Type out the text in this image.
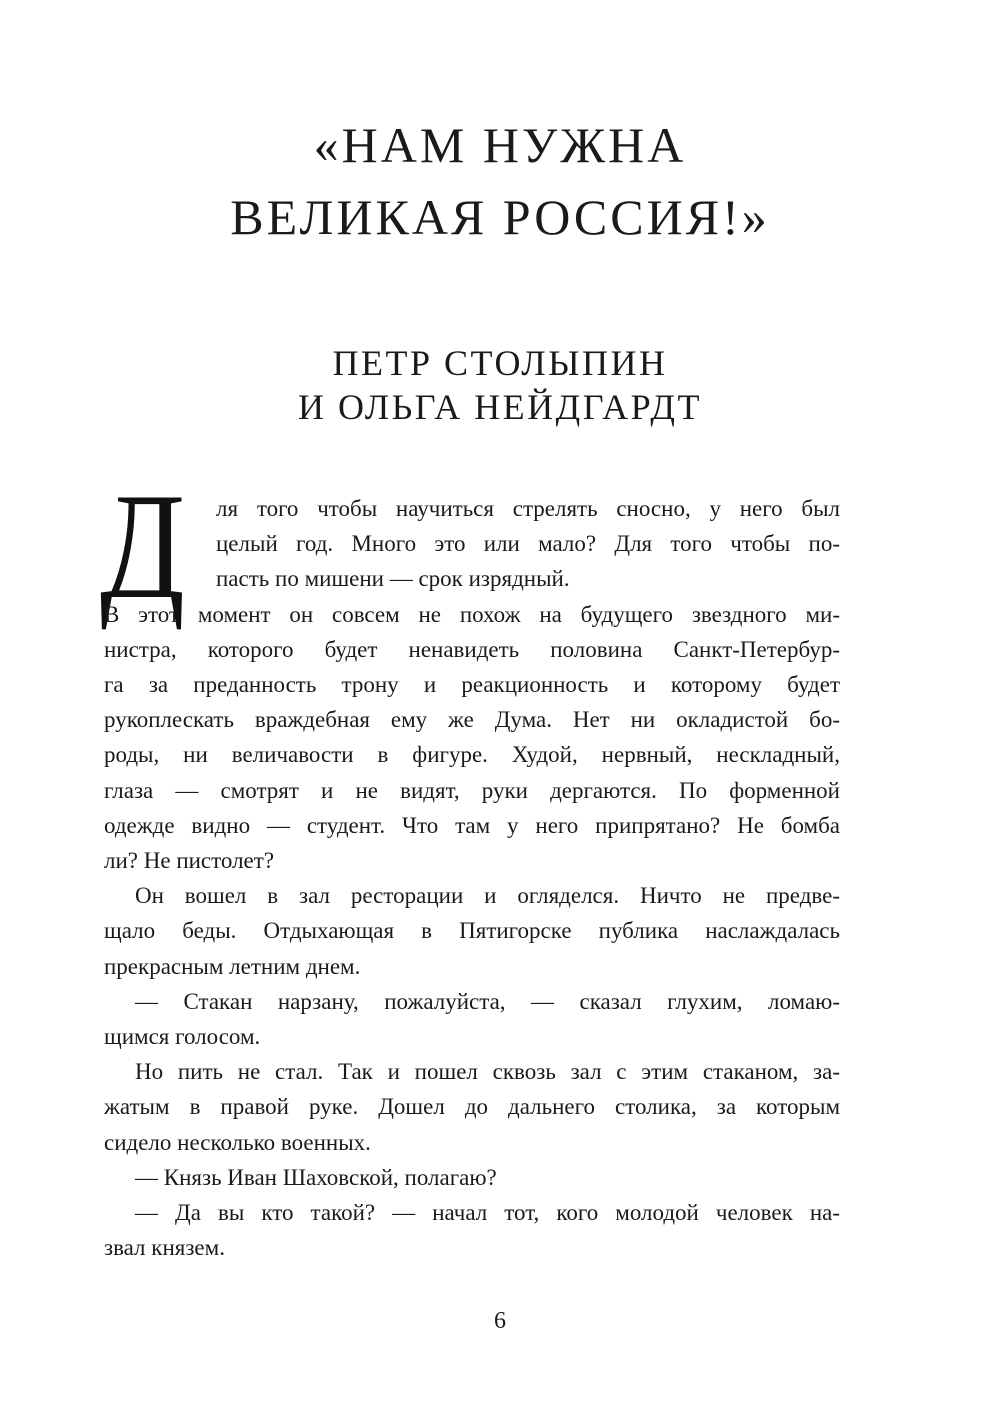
«НАМ НУЖНА
ВЕЛИКАЯ РОССИЯ!»
ПЕТР СТОЛЫПИН
И ОЛЬГА НЕЙДГАРДТ
Д ля того чтобы научиться стрелять сносно, у него был
целый год. Много это или мало? Для того чтобы по-
пасть по мишени — срок изрядный.
В этот момент он совсем не похож на будущего звездного ми-
нистра, которого будет ненавидеть половина Санкт-Петербур-
га за преданность трону и реакционность и которому будет
рукоплескать враждебная ему же Дума. Нет ни окладистой бо-
роды, ни величавости в фигуре. Худой, нервный, нескладный,
глаза — смотрят и не видят, руки дергаются. По форменной
одежде видно — студент. Что там у него припрятано? Не бомба
ли? Не пистолет?
Он вошел в зал ресторации и огляделся. Ничто не предве-
щало беды. Отдыхающая в Пятигорске публика наслаждалась
прекрасным летним днем.
— Стакан нарзану, пожалуйста, — сказал глухим, ломаю-
щимся голосом.
Но пить не стал. Так и пошел сквозь зал с этим стаканом, за-
жатым в правой руке. Дошел до дальнего столика, за которым
сидело несколько военных.
— Князь Иван Шаховской, полагаю?
— Да вы кто такой? — начал тот, кого молодой человек на-
звал князем.
6
